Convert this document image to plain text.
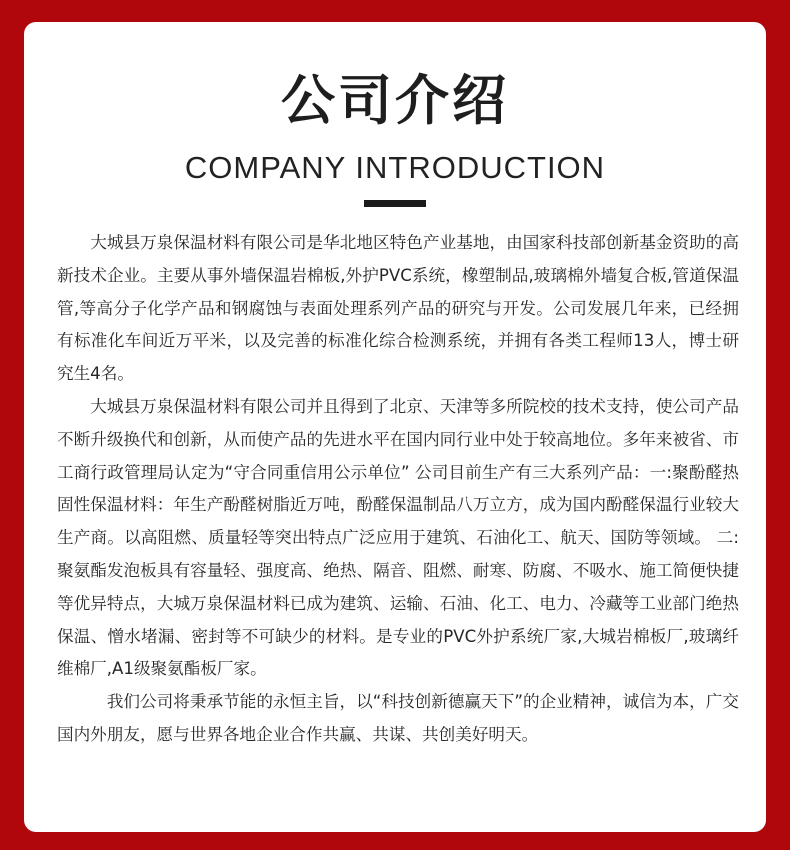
公司介绍
COMPANY INTRODUCTION

大城县万泉保温材料有限公司是华北地区特色产业基地，由国家科技部创新基金资助的高新技术企业。主要从事外墙保温岩棉板,外护PVC系统，橡塑制品,玻璃棉外墙复合板,管道保温管,等高分子化学产品和钢腐蚀与表面处理系列产品的研究与开发。公司发展几年来，已经拥有标准化车间近万平米，以及完善的标准化综合检测系统，并拥有各类工程师13人，博士研究生4名。

大城县万泉保温材料有限公司并且得到了北京、天津等多所院校的技术支持，使公司产品不断升级换代和创新，从而使产品的先进水平在国内同行业中处于较高地位。多年来被省、市工商行政管理局认定为“守合同重信用公示单位” 公司目前生产有三大系列产品：一:聚酚醛热固性保温材料：年生产酚醛树脂近万吨，酚醛保温制品八万立方，成为国内酚醛保温行业较大生产商。以高阻燃、质量轻等突出特点广泛应用于建筑、石油化工、航天、国防等领域。 二:聚氨酯发泡板具有容量轻、强度高、绝热、隔音、阻燃、耐寒、防腐、不吸水、施工简便快捷等优异特点，大城万泉保温材料已成为建筑、运输、石油、化工、电力、冷藏等工业部门绝热保温、憎水堵漏、密封等不可缺少的材料。是专业的PVC外护系统厂家,大城岩棉板厂,玻璃纤维棉厂,A1级聚氨酯板厂家。

我们公司将秉承节能的永恒主旨，以“科技创新德赢天下”的企业精神，诚信为本，广交国内外朋友，愿与世界各地企业合作共赢、共谋、共创美好明天。
